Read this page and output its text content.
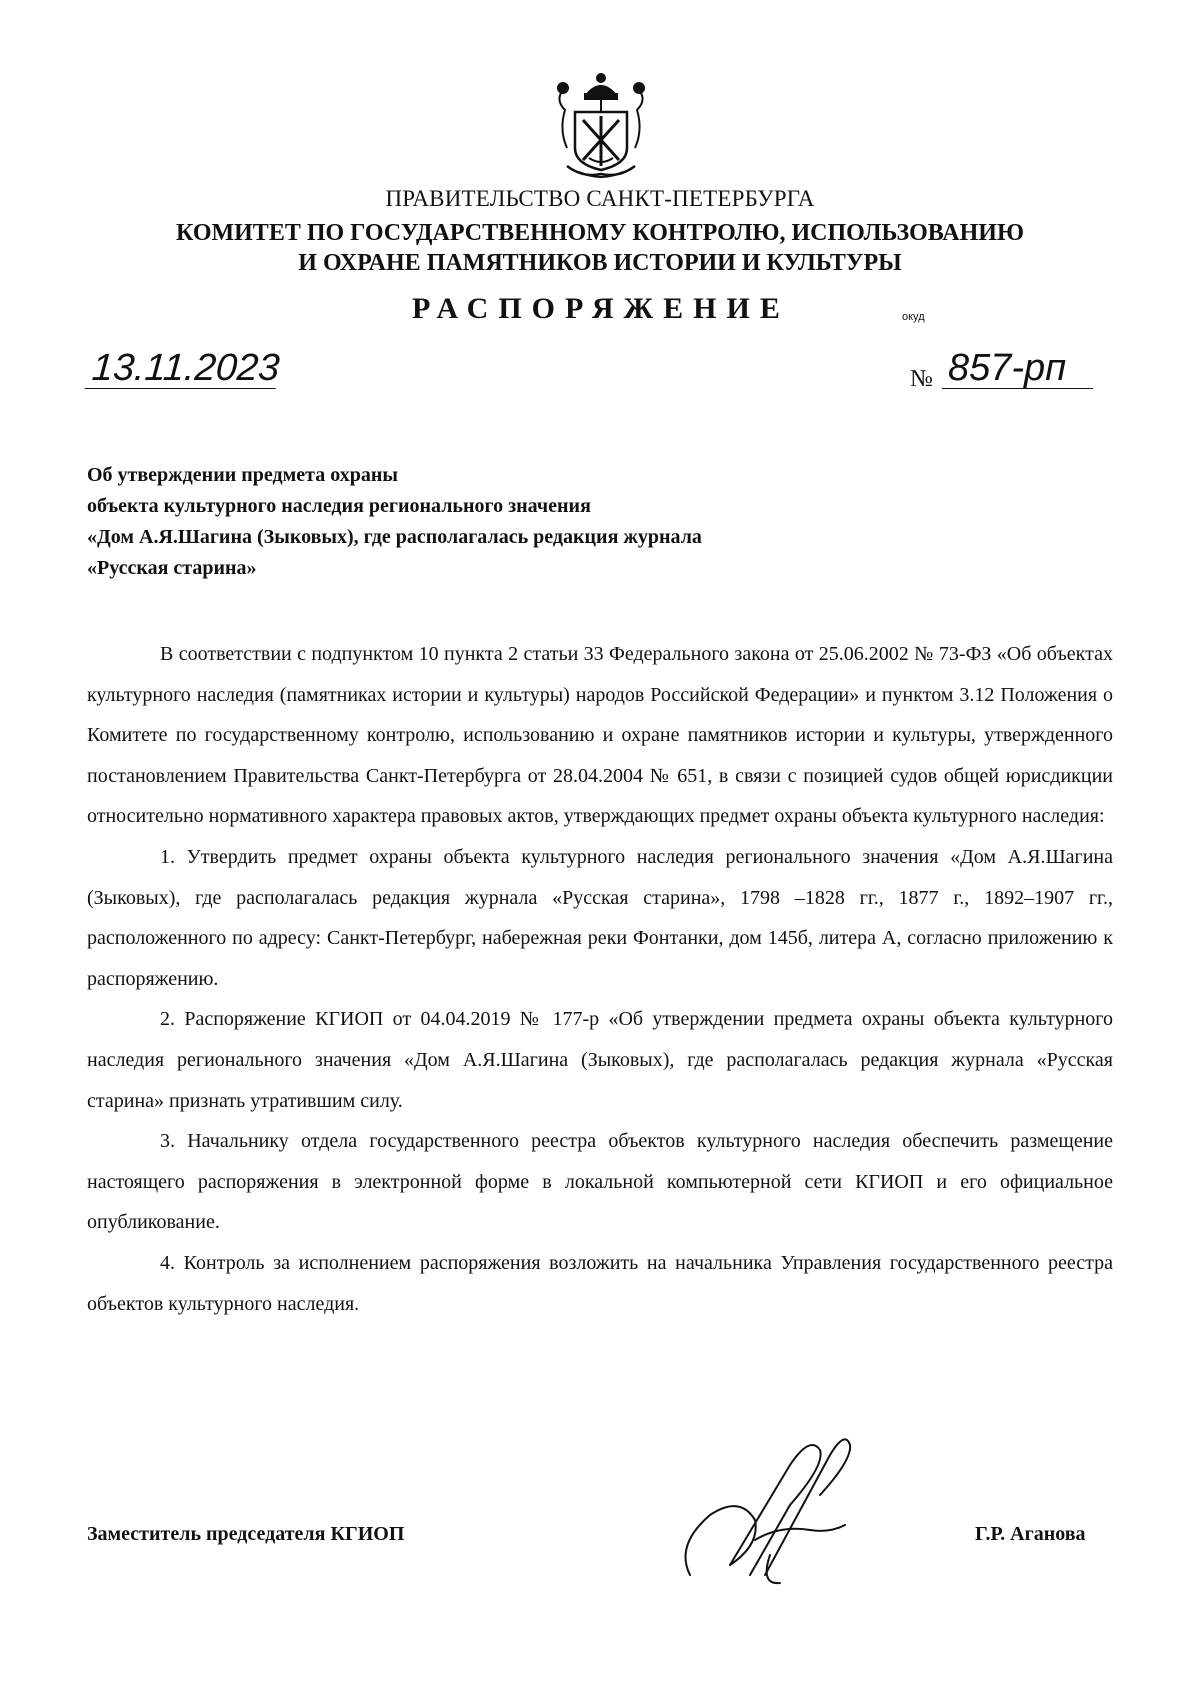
ПРАВИТЕЛЬСТВО САНКТ-ПЕТЕРБУРГА
КОМИТЕТ ПО ГОСУДАРСТВЕННОМУ КОНТРОЛЮ, ИСПОЛЬЗОВАНИЮ
И ОХРАНЕ ПАМЯТНИКОВ ИСТОРИИ И КУЛЬТУРЫ
РАСПОРЯЖЕНИЕ	окуд
13.11.2023	№ 857-рп
Об утверждении предмета охраны
объекта культурного наследия регионального значения
«Дом А.Я.Шагина (Зыковых), где располагалась редакция журнала
«Русская старина»

В соответствии с подпунктом 10 пункта 2 статьи 33 Федерального закона от 25.06.2002 № 73-ФЗ «Об объектах культурного наследия (памятниках истории и культуры) народов Российской Федерации» и пунктом 3.12 Положения о Комитете по государственному контролю, использованию и охране памятников истории и культуры, утвержденного постановлением Правительства Санкт-Петербурга от 28.04.2004 № 651, в связи с позицией судов общей юрисдикции относительно нормативного характера правовых актов, утверждающих предмет охраны объекта культурного наследия:

1. Утвердить предмет охраны объекта культурного наследия регионального значения «Дом А.Я.Шагина (Зыковых), где располагалась редакция журнала «Русская старина», 1798 –1828 гг., 1877 г., 1892–1907 гг., расположенного по адресу: Санкт-Петербург, набережная реки Фонтанки, дом 145б, литера А, согласно приложению к распоряжению.

2. Распоряжение КГИОП от 04.04.2019 № 177-р «Об утверждении предмета охраны объекта культурного наследия регионального значения «Дом А.Я.Шагина (Зыковых), где располагалась редакция журнала «Русская старина» признать утратившим силу.

3. Начальнику отдела государственного реестра объектов культурного наследия обеспечить размещение настоящего распоряжения в электронной форме в локальной компьютерной сети КГИОП и его официальное опубликование.

4. Контроль за исполнением распоряжения возложить на начальника Управления государственного реестра объектов культурного наследия.

Заместитель председателя КГИОП	Г.Р. Аганова
